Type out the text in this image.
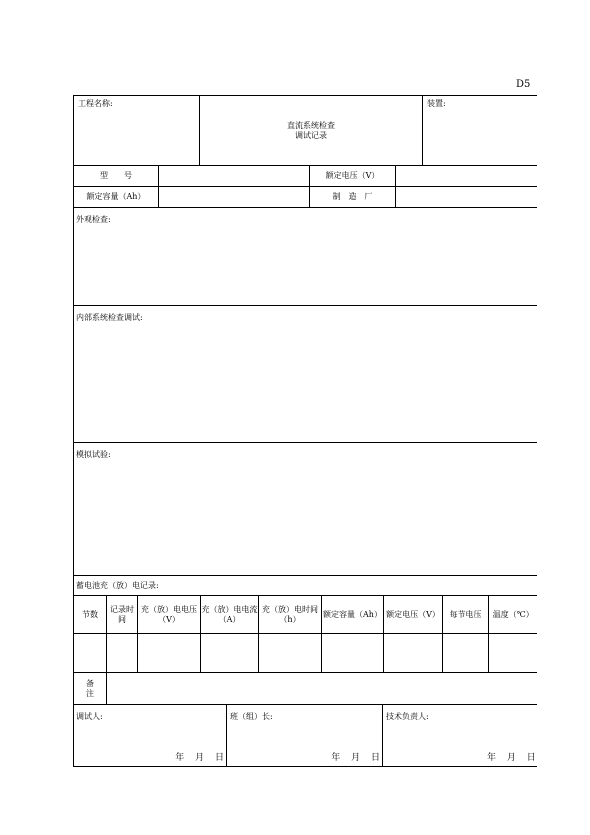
D5
工程名称:	
直流系统检查
调试记录
	装置:
型　　号		额定电压（V）	
额定容量（Ah）		制　造　厂	
外观检查:
内部系统检查调试:
模拟试验:
蓄电池充（放）电记录:
节数	记录时间	充（放）电电压（V）	充（放）电电流（A）	充（放）电时间（h）	额定容量（Ah）	额定电压（V）	每节电压	温度（℃）

备注	
调试人:
年 月 日
班（组）长:
年 月 日
技术负责人:
年 月 日
